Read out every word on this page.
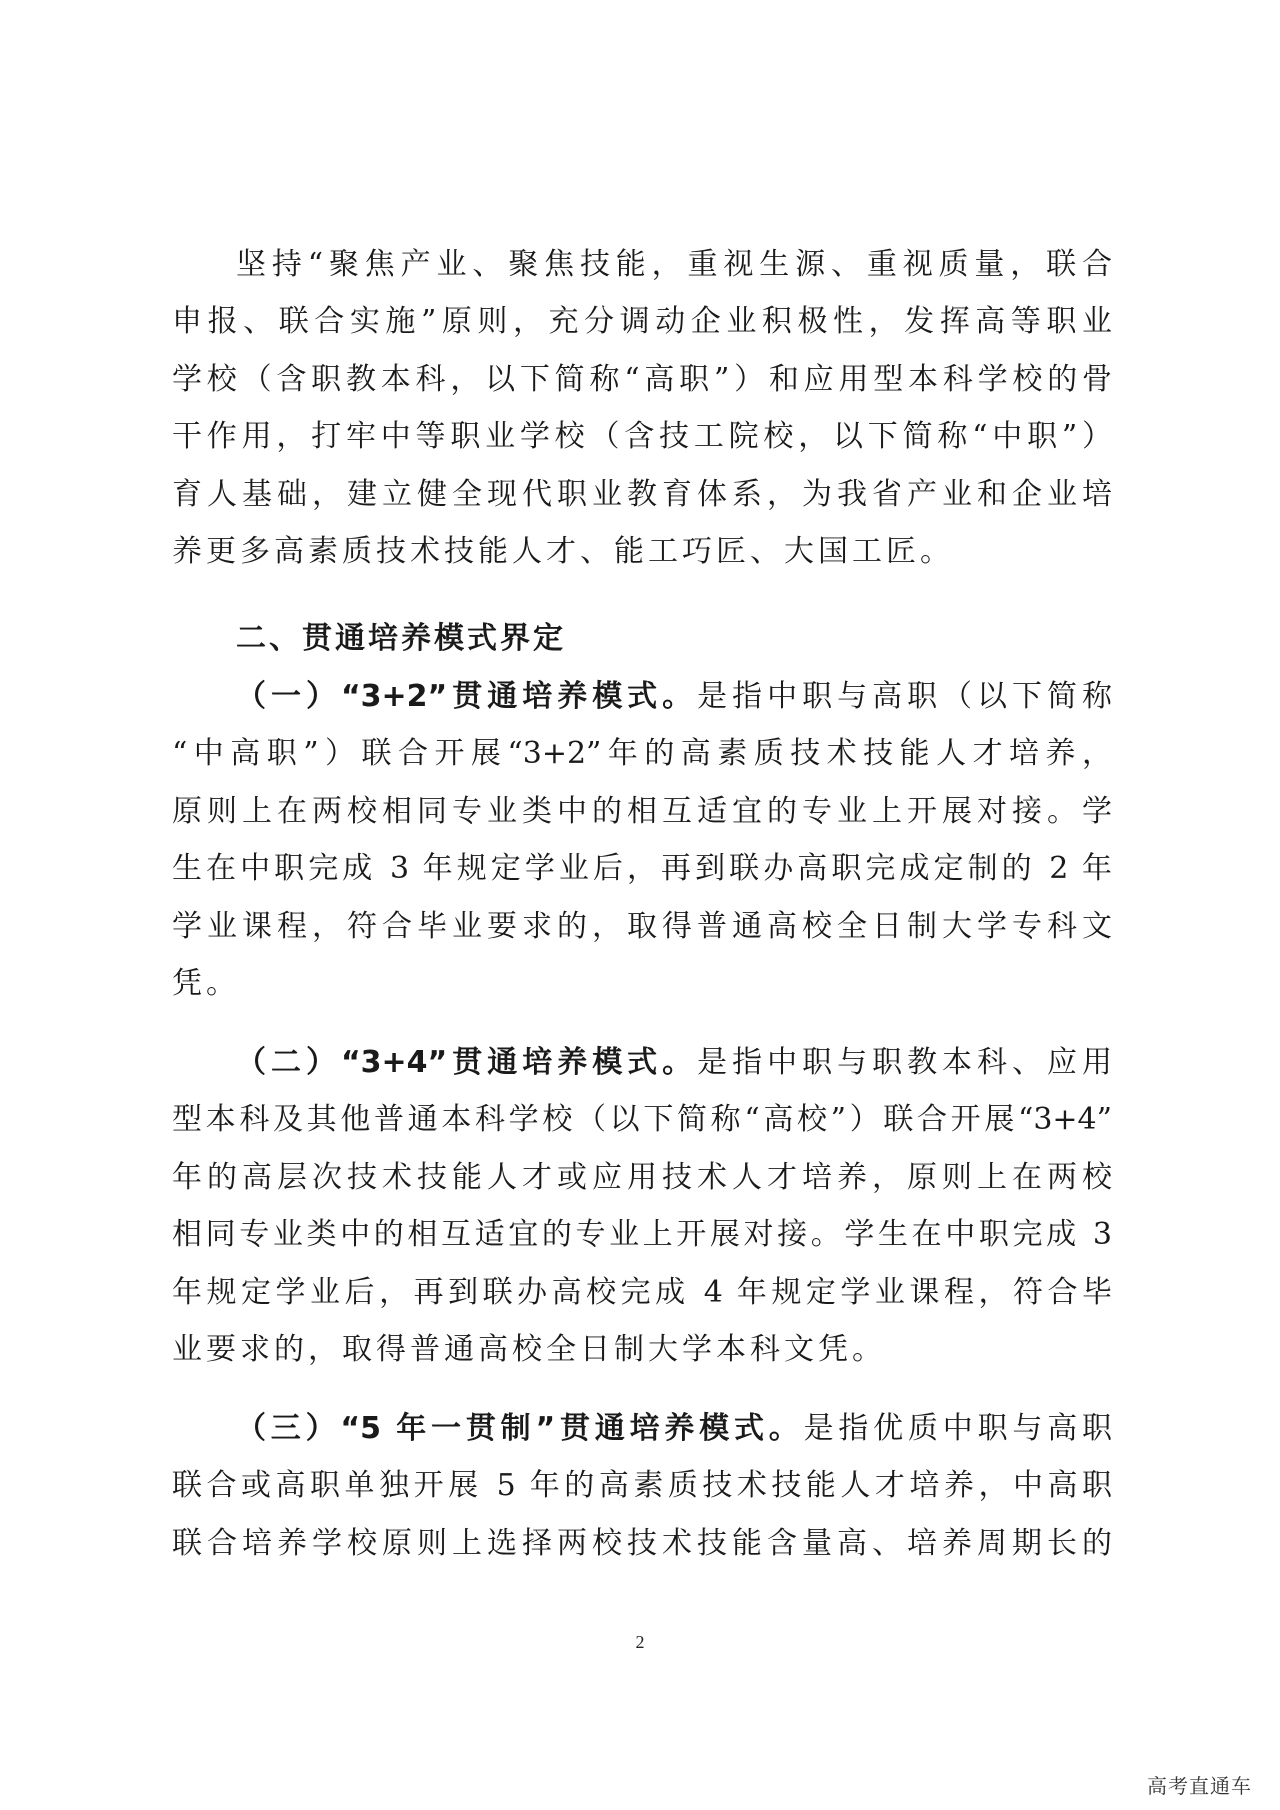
坚持“聚焦产业、聚焦技能，重视生源、重视质量，联合

申报、联合实施”原则，充分调动企业积极性，发挥高等职业

学校（含职教本科，以下简称“高职”）和应用型本科学校的骨

干作用，打牢中等职业学校（含技工院校，以下简称“中职”）

育人基础，建立健全现代职业教育体系，为我省产业和企业培

养更多高素质技术技能人才、能工巧匠、大国工匠。

二、贯通培养模式界定

（一）“3+2”贯通培养模式。是指中职与高职（以下简称

“中高职”）联合开展“3+2”年的高素质技术技能人才培养，

原则上在两校相同专业类中的相互适宜的专业上开展对接。学

生在中职完成 3 年规定学业后，再到联办高职完成定制的 2 年

学业课程，符合毕业要求的，取得普通高校全日制大学专科文

凭。

（二）“3+4”贯通培养模式。是指中职与职教本科、应用

型本科及其他普通本科学校（以下简称“高校”）联合开展“3+4”

年的高层次技术技能人才或应用技术人才培养，原则上在两校

相同专业类中的相互适宜的专业上开展对接。学生在中职完成 3

年规定学业后，再到联办高校完成 4 年规定学业课程，符合毕

业要求的，取得普通高校全日制大学本科文凭。

（三）“5 年一贯制”贯通培养模式。是指优质中职与高职

联合或高职单独开展 5 年的高素质技术技能人才培养，中高职

联合培养学校原则上选择两校技术技能含量高、培养周期长的

2
高考直通车
